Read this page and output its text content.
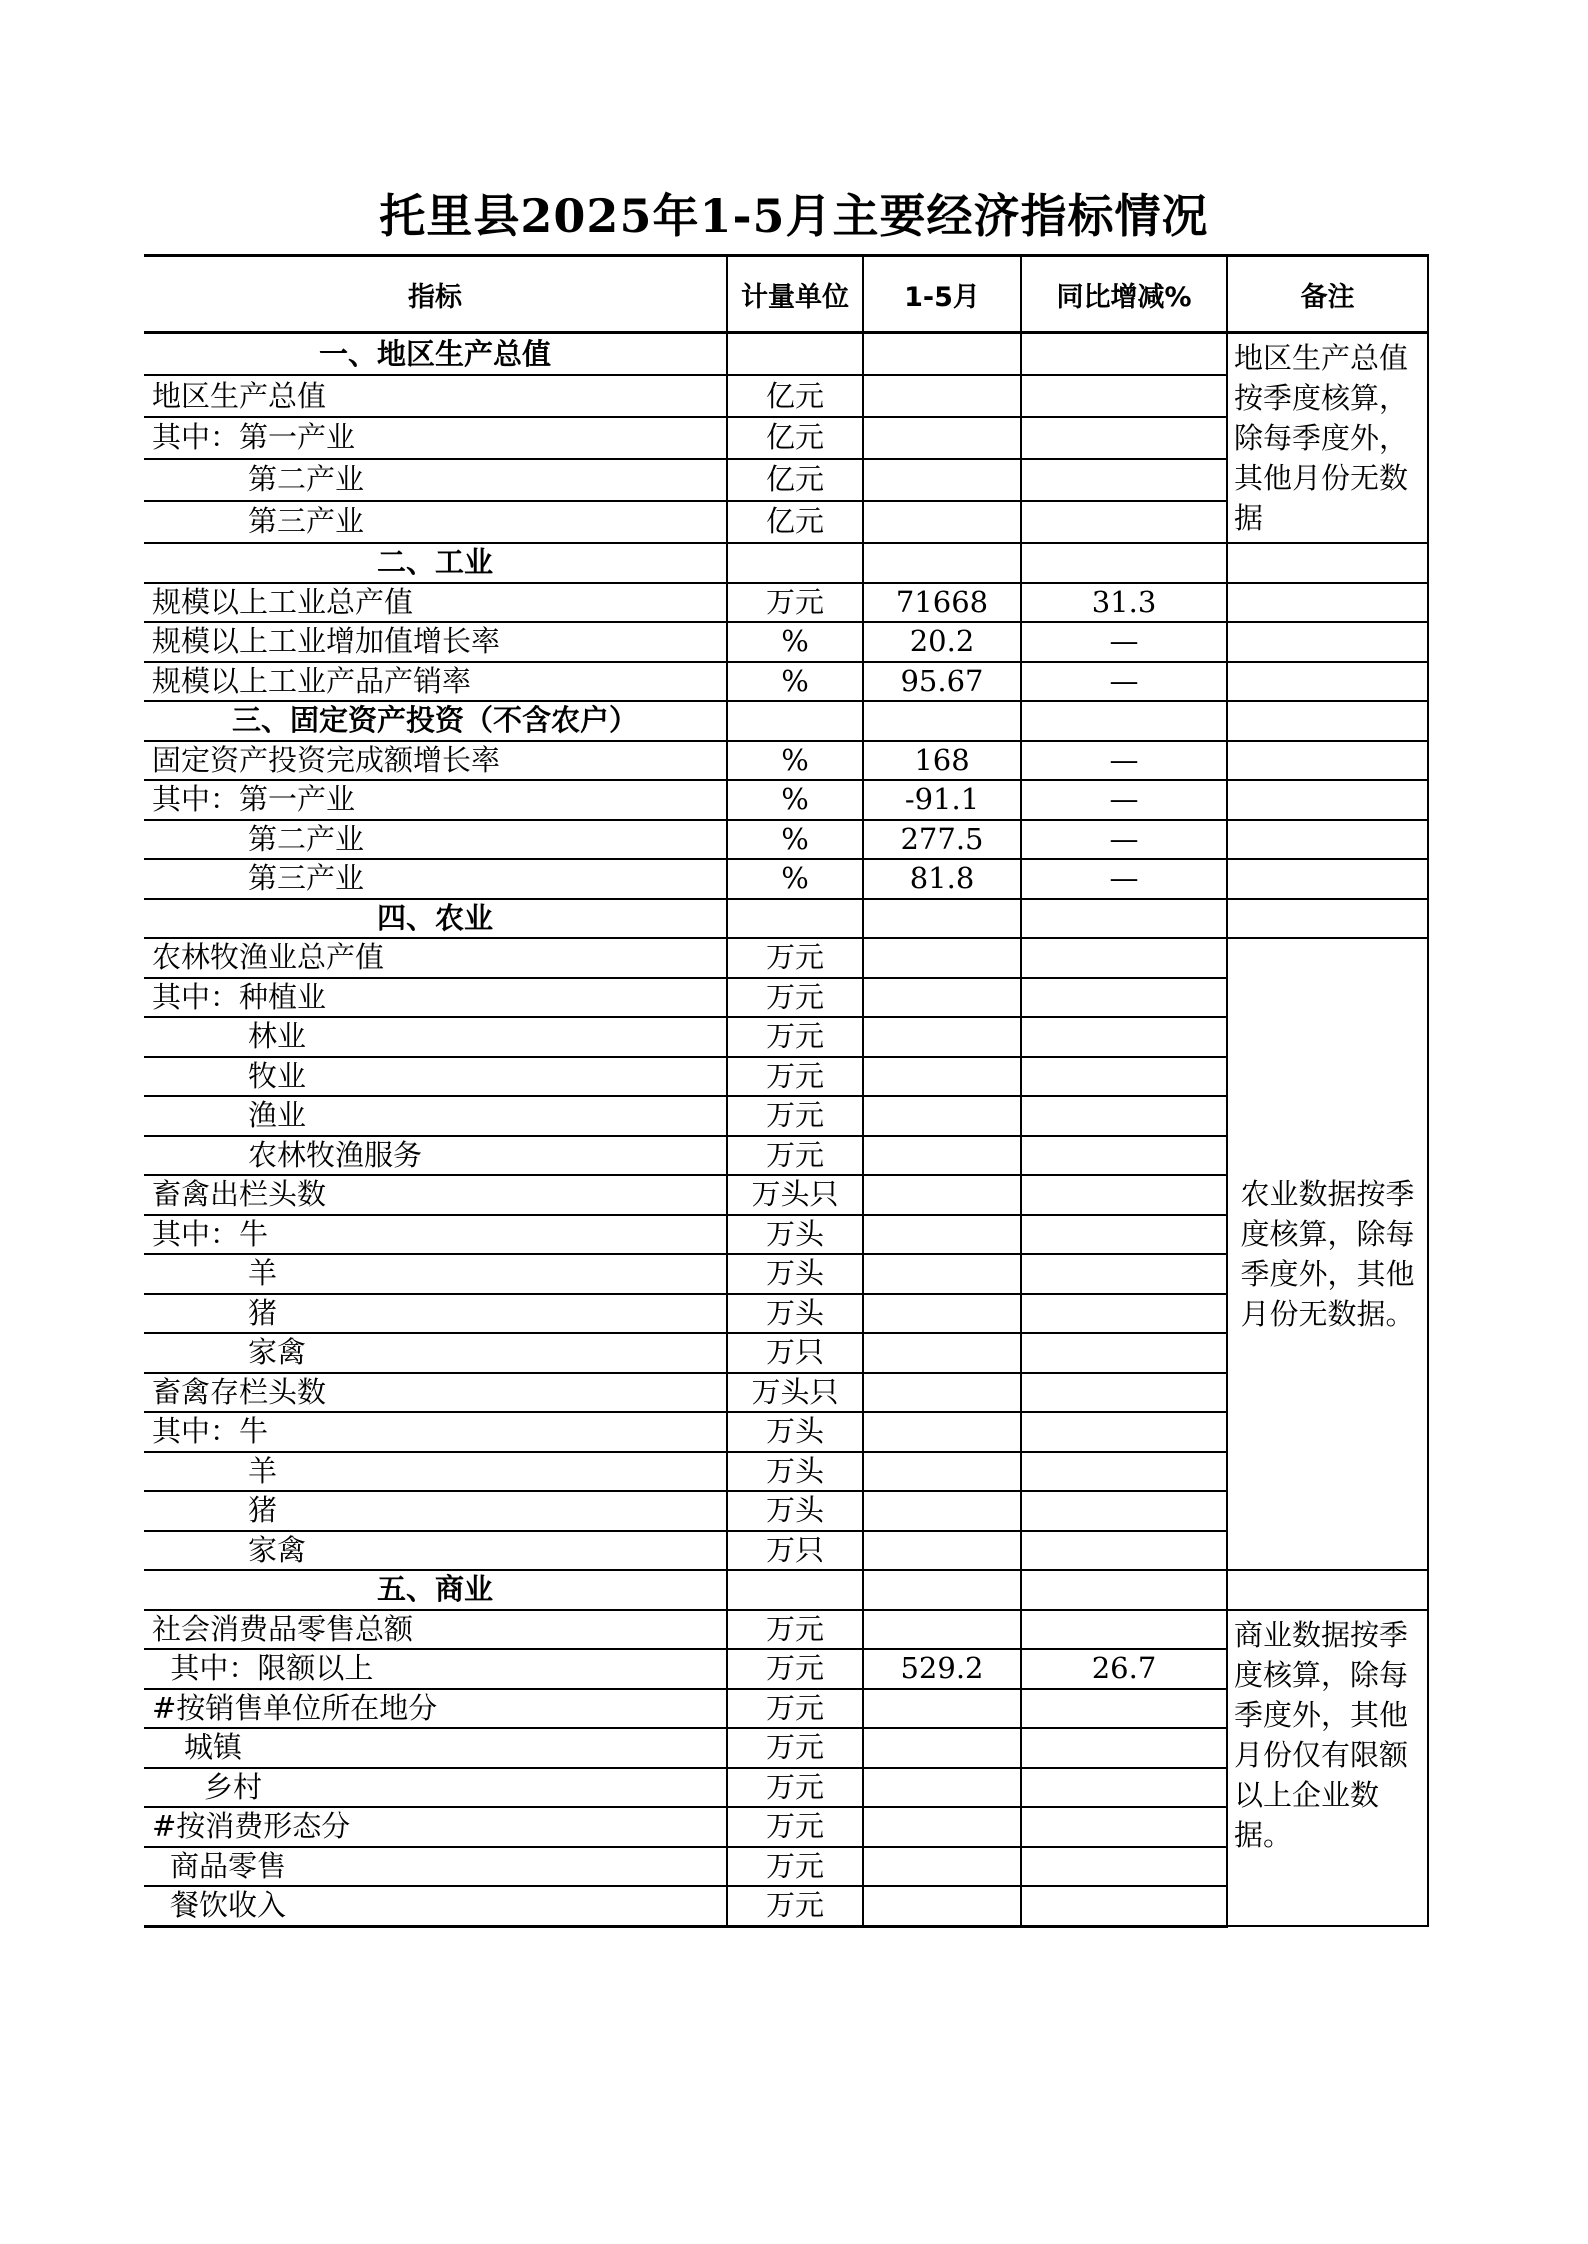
托里县2025年1-5月主要经济指标情况
指标	计量单位	1-5月	同比增减%	备注
一、地区生产总值				地区生产总值按季度核算，除每季度外，其他月份无数据
地区生产总值	亿元			
其中：第一产业	亿元			
第二产业	亿元			
第三产业	亿元			
二、工业				
规模以上工业总产值	万元	71668	31.3	
规模以上工业增加值增长率	%	20.2	—	
规模以上工业产品产销率	%	95.67	—	
三、固定资产投资（不含农户）				
固定资产投资完成额增长率	%	168	—	
其中：第一产业	%	-91.1	—	
第二产业	%	277.5	—	
第三产业	%	81.8	—	
四、农业				
农林牧渔业总产值	万元			农业数据按季度核算，除每季度外，其他月份无数据。
其中：种植业	万元			
林业	万元			
牧业	万元			
渔业	万元			
农林牧渔服务	万元			
畜禽出栏头数	万头只			
其中：牛	万头			
羊	万头			
猪	万头			
家禽	万只			
畜禽存栏头数	万头只			
其中：牛	万头			
羊	万头			
猪	万头			
家禽	万只			
五、商业				
社会消费品零售总额	万元			商业数据按季度核算，除每季度外，其他月份仅有限额以上企业数据。
其中：限额以上	万元	529.2	26.7	
#按销售单位所在地分	万元			
城镇	万元			
乡村	万元			
#按消费形态分	万元			
商品零售	万元			
餐饮收入	万元			
